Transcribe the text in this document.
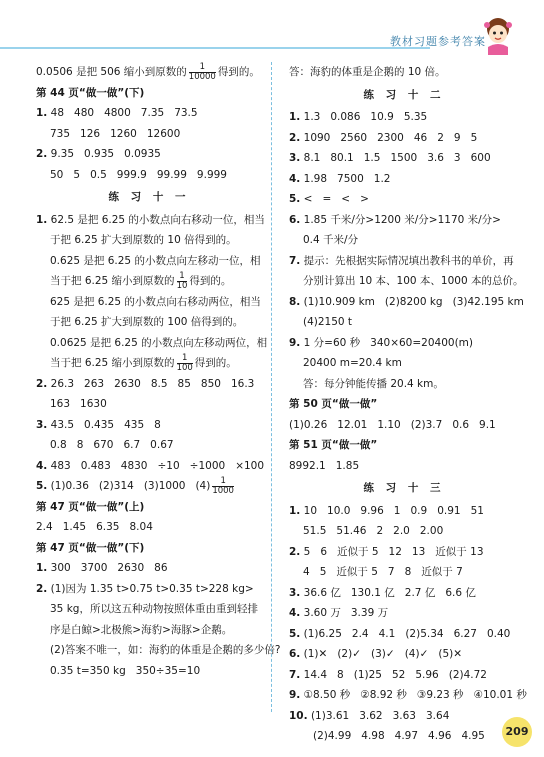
教材习题参考答案
0.0506 是把 506 缩小到原数的 $\frac{1}{10000}$ 得到的。
第 44 页“做一做”(下)
1. 48   480   4800   7.35   73.5
735   126   1260   12600
2. 9.35   0.935   0.0935
50   5   0.5   999.9   99.99   9.999
练 习 十 一
1. 62.5 是把 6.25 的小数点向右移动一位，相当
于把 6.25 扩大到原数的 10 倍得到的。
0.625 是把 6.25 的小数点向左移动一位，相
当于把 6.25 缩小到原数的 $\frac{1}{10}$ 得到的。
625 是把 6.25 的小数点向右移动两位，相当
于把 6.25 扩大到原数的 100 倍得到的。
0.0625 是把 6.25 的小数点向左移动两位，相
当于把 6.25 缩小到原数的 $\frac{1}{100}$ 得到的。
2. 26.3   263   2630   8.5   85   850   16.3
163   1630
3. 43.5   0.435   435   8
0.8   8   670   6.7   0.67
4. 483   0.483   4830   ÷10   ÷1000   ×100
5. (1)0.36   (2)314   (3)1000   $(4) \frac{1}{1000}$
第 47 页“做一做”(上)
2.4   1.45   6.35   8.04
第 47 页“做一做”(下)
1. 300   3700   2630   86
2. (1)因为 1.35 t>0.75 t>0.35 t>228 kg>
35 kg，所以这五种动物按照体重由重到轻排
序是白鲸>北极熊>海豹>海豚>企鹅。
(2)答案不唯一，如：海豹的体重是企鹅的多少倍?
0.35 t=350 kg   350÷35=10
答：海豹的体重是企鹅的 10 倍。
练 习 十 二
1. 1.3   0.086   10.9   5.35
2. 1090   2560   2300   46   2   9   5
3. 8.1   80.1   1.5   1500   3.6   3   600
4. 1.98   7500   1.2
5. <   =   <   >
6. 1.85 千米/分>1200 米/分>1170 米/分>
0.4 千米/分
7. 提示：先根据实际情况填出教科书的单价，再
分别计算出 10 本、100 本、1000 本的总价。
8. (1)10.909 km   (2)8200 kg   (3)42.195 km
(4)2150 t
9. 1 分=60 秒   340×60=20400(m)
20400 m=20.4 km
答：每分钟能传播 20.4 km。
第 50 页“做一做”
(1)0.26   12.01   1.10   (2)3.7   0.6   9.1
第 51 页“做一做”
8992.1   1.85
练 习 十 三
1. 10   10.0   9.96   1   0.9   0.91   51
51.5   51.46   2   2.0   2.00
2. 5   6   近似于 5   12   13   近似于 13
4   5   近似于 5   7   8   近似于 7
3. 36.6 亿   130.1 亿   2.7 亿   6.6 亿
4. 3.60 万   3.39 万
5. (1)6.25   2.4   4.1   (2)5.34   6.27   0.40
6. (1)✕   (2)✓   (3)✓   (4)✓   (5)✕
7. 14.4   8   (1)25   52   5.96   (2)4.72
9. ①8.50 秒   ②8.92 秒   ③9.23 秒   ④10.01 秒
10. (1)3.61   3.62   3.63   3.64
(2)4.99   4.98   4.97   4.96   4.95	209
